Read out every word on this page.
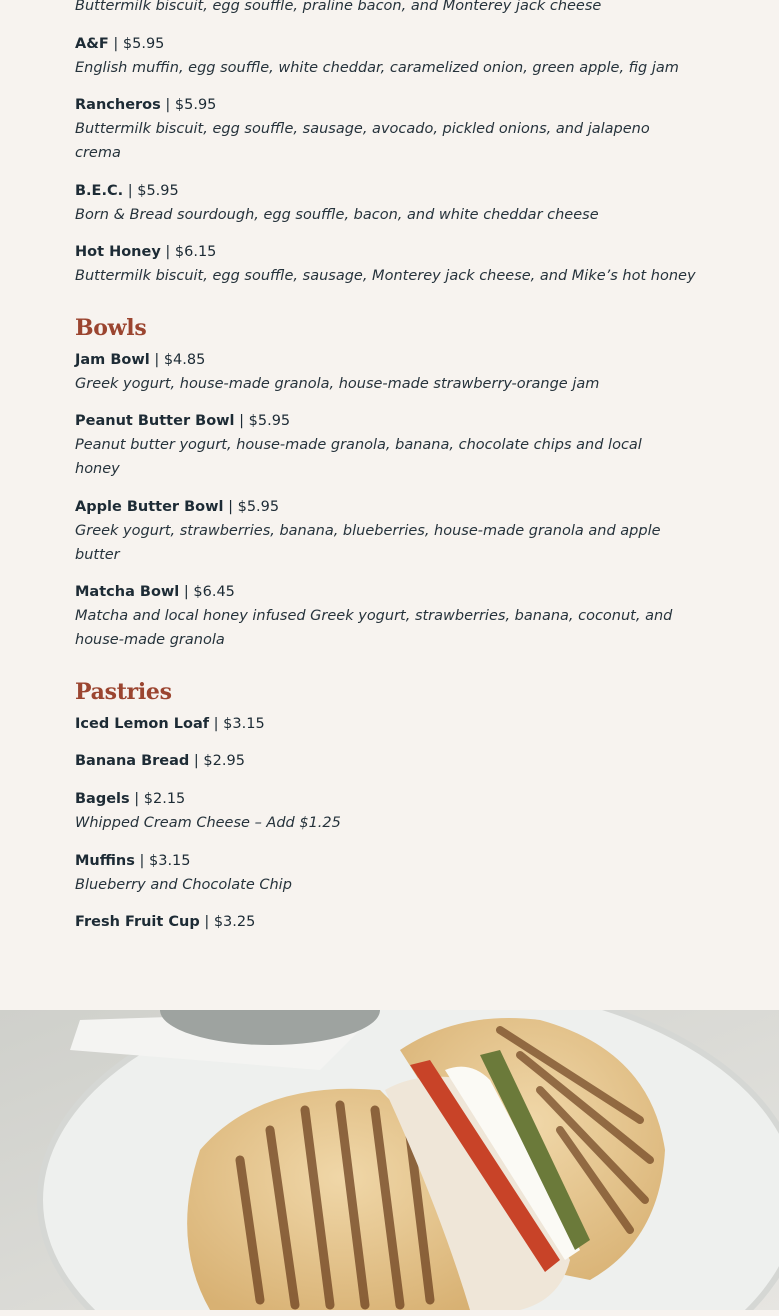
Buttermilk biscuit, egg souffle, praline bacon, and Monterey jack cheese

A&F | $5.95

English muffin, egg souffle, white cheddar, caramelized onion, green apple, fig jam

Rancheros | $5.95

Buttermilk biscuit, egg souffle, sausage, avocado, pickled onions, and jalapeno

crema

B.E.C. | $5.95

Born & Bread sourdough, egg souffle, bacon, and white cheddar cheese

Hot Honey | $6.15

Buttermilk biscuit, egg souffle, sausage, Monterey jack cheese, and Mike’s hot honey

Bowls

Jam Bowl | $4.85

Greek yogurt, house-made granola, house-made strawberry-orange jam

Peanut Butter Bowl | $5.95

Peanut butter yogurt, house-made granola, banana, chocolate chips and local

honey

Apple Butter Bowl | $5.95

Greek yogurt, strawberries, banana, blueberries, house-made granola and apple

butter

Matcha Bowl | $6.45

Matcha and local honey infused Greek yogurt, strawberries, banana, coconut, and

house-made granola

Pastries

Iced Lemon Loaf | $3.15

Banana Bread | $2.95

Bagels | $2.15

Whipped Cream Cheese – Add $1.25

Muffins | $3.15

Blueberry and Chocolate Chip

Fresh Fruit Cup | $3.25
